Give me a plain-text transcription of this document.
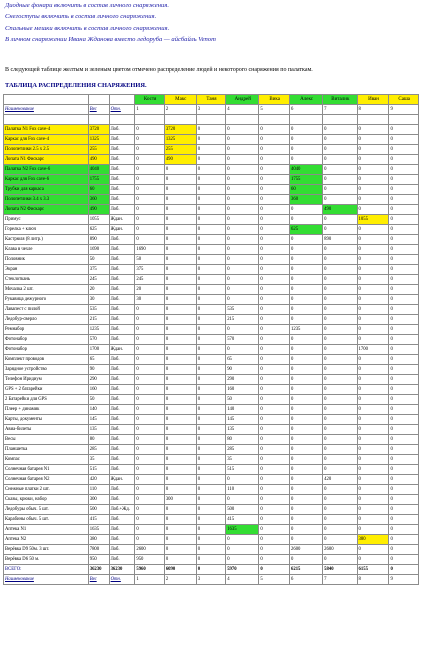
Диодные фонари включить в состав личного снаряжения.

Снегоступы включить в состав личного снаряжения.

Спальные мешки включить в состав личного снаряжения.

В личном снаряжении Ивана Жданова вместо ледоруба — айсбайль Venom

В следующей таблице желтым и зеленым цветом отмечено распределение людей и некоторого снаряжения по палаткам.
ТАБЛИЦА РАСПРЕДЕЛЕНИЯ СНАРЯЖЕНИЯ.
			Костя	Макс	Таня	Андрей	Вика	Алекс	Виталик	Иван	Саша
Наименование	Вес	Отн.	1	2	3	4	5	6	7	8	9

Палатка N1 Fox cave-4	3720	Лоб.	0	3720	0	0	0	0	0	0	0
Каркас для Fox cave-4	1325	Лоб.	0	1325	0	0	0	0	0	0	0
Полопетлики 2.5 x 2.5	255	Лоб.	0	255	0	0	0	0	0	0	0
Лопата N1 Фискарс	490	Лоб.	0	490	0	0	0	0	0	0	0
Палатка N2 Fox cave-6	4040	Лоб.	0	0	0	0	0	4040	0	0	0
Каркас для Fox cave-6	1755	Лоб.	0	0	0	0	0	1755	0	0	0
Трубки для каркаса	60	Лоб.	0	0	0	0	0	60	0	0	0
Полопетлики 3.4 x 3.3	360	Лоб.	0	0	0	0	0	360	0	0	0
Лопата N2 Фискарс	490	Лоб.	0	0	0	0	0	0	490	0	0
Примус	1055	Ждан.	0	0	0	0	0	0	0	1055	0
Горелка + ключ	625	Ждан.	0	0	0	0	0	625	0	0	0
Кастрюля (8 литр.)	890	Лоб.	0	0	0	0	0	0	890	0	0
Клава в чехле	1690	Лоб.	1690	0	0	0	0	0	0	0	0
Половник	50	Лоб.	50	0	0	0	0	0	0	0	0
Экран	375	Лоб.	375	0	0	0	0	0	0	0	0
Стеклоткань	245	Лоб.	245	0	0	0	0	0	0	0	0
Мочалка 2 шт.	20	Лоб.	20	0	0	0	0	0	0	0	0
Рукавица дежурного	30	Лоб.	30	0	0	0	0	0	0	0	0
Лавапест с пилой	535	Лоб.	0	0	0	535	0	0	0	0	0
Ледобур-сверло	215	Лоб.	0	0	0	215	0	0	0	0	0
Ремнабор	1235	Лоб.	0	0	0	0	0	1235	0	0	0
Фотонабор	570	Лоб.	0	0	0	570	0	0	0	0	0
Фотонабор	1700	Ждан.	0	0	0	0	0	0	0	1700	0
Комплект проводов	65	Лоб.	0	0	0	65	0	0	0	0	0
Зарядное устройство	90	Лоб.	0	0	0	90	0	0	0	0	0
Телефон Иридиум	290	Лоб.	0	0	0	290	0	0	0	0	0
GPS + 2 батарейки	160	Лоб.	0	0	0	160	0	0	0	0	0
2 Батарейки для GPS	50	Лоб.	0	0	0	50	0	0	0	0	0
Плеер + динамик	140	Лоб.	0	0	0	140	0	0	0	0	0
Карты, документы	145	Лоб.	0	0	0	145	0	0	0	0	0
Авиа-билеты	135	Лоб.	0	0	0	135	0	0	0	0	0
Весы	80	Лоб.	0	0	0	80	0	0	0	0	0
Планшетка	285	Лоб.	0	0	0	285	0	0	0	0	0
Компас	35	Лоб.	0	0	0	35	0	0	0	0	0
Солнечная батарея N1	515	Лоб.	0	0	0	515	0	0	0	0	0
Солнечная батарея N2	420	Ждан.	0	0	0	0	0	0	420	0	0
Снежные платки 2 шт.	110	Лоб.	0	0	0	110	0	0	0	0	0
Сказы, крюки, набор	300	Лоб.	0	300	0	0	0	0	0	0	0
Ледобуры обыч. 5 шт.	500	Лоб.+Жд.	0	0	0	500	0	0	0	0	0
Карабины обыч. 5 шт.	415	Лоб.	0	0	0	415	0	0	0	0	0
Аптека N1	1635	Лоб.	0	0	0	1635	0	0	0	0	0
Аптека N2	380	Лоб.	0	0	0	0	0	0	0	380	0
Верёвка D9 50м. 3 шт.	7800	Лоб.	2600	0	0	0	0	2600	2600	0	0
Верёвка D6 50 м.	950	Лоб.	950	0	0	0	0	0	0	0	0
ВСЕГО:	36230	36230	5960	6090	0	5970	0	6215	5840	6155	0
Наименование	Вес	Отн.	1	2	3	4	5	6	7	8	9
